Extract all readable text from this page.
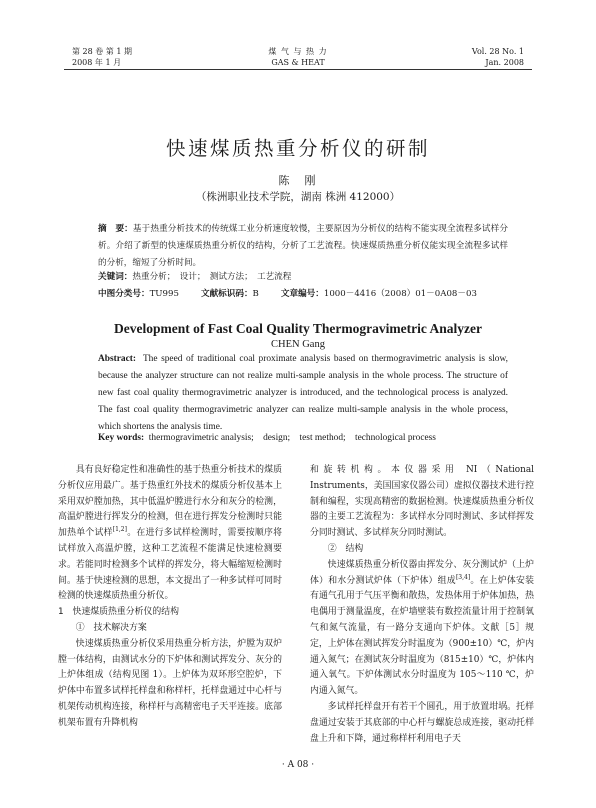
第 28 卷 第 1 期
2008 年 1 月
煤 气 与 热 力
GAS & HEAT
Vol. 28 No. 1
Jan. 2008
快速煤质热重分析仪的研制
陈　刚
（株洲职业技术学院，湖南 株洲 412000）
摘　要：基于热重分析技术的传统煤工业分析速度较慢，主要原因为分析仪的结构不能实现全流程多试样分析。介绍了新型的快速煤质热重分析仪的结构，分析了工艺流程。快速煤质热重分析仪能实现全流程多试样的分析，缩短了分析时间。
关键词：热重分析；　设计；　测试方法；　工艺流程
中图分类号：TU995	文献标识码：B	文章编号：1000－4416（2008）01－0A08－03
Development of Fast Coal Quality Thermogravimetric Analyzer
CHEN Gang
Abstract: The speed of traditional coal proximate analysis based on thermogravimetric analysis is slow, because the analyzer structure can not realize multi-sample analysis in the whole process. The structure of new fast coal quality thermogravimetric analyzer is introduced, and the technological process is analyzed. The fast coal quality thermogravimetric analyzer can realize multi-sample analysis in the whole process, which shortens the analysis time.
Key words: thermogravimetric analysis;　design;　test method;　technological process

具有良好稳定性和准确性的基于热重分析技术的煤质分析仪应用最广。基于热重红外技术的煤质分析仪基本上采用双炉膛加热，其中低温炉膛进行水分和灰分的检测，高温炉膛进行挥发分的检测，但在进行挥发分检测时只能加热单个试样[1,2]。在进行多试样检测时，需要按顺序将试样放入高温炉膛，这种工艺流程不能满足快速检测要求。若能同时检测多个试样的挥发分，将大幅缩短检测时间。基于快速检测的思想，本文提出了一种多试样可同时检测的快速煤质热重分析仪。

1　快速煤质热重分析仪的结构

①　技术解决方案

快速煤质热重分析仪采用热重分析方法，炉膛为双炉膛一体结构，由测试水分的下炉体和测试挥发分、灰分的上炉体组成（结构见图 1）。上炉体为双环形空腔炉，下炉体中布置多试样托样盘和称样杆，托样盘通过中心杆与机架传动机构连接，称样杆与高精密电子天平连接。底部机架布置有升降机构

和旋转机构。本仪器采用 NI（National Instruments，美国国家仪器公司）虚拟仪器技术进行控制和编程，实现高精密的数据检测。快速煤质热重分析仪器的主要工艺流程为：多试样水分同时测试、多试样挥发分同时测试、多试样灰分同时测试。

②　结构

快速煤质热重分析仪器由挥发分、灰分测试炉（上炉体）和水分测试炉体（下炉体）组成[3,4]。在上炉体安装有通气孔用于气压平衡和散热，发热体用于炉体加热，热电偶用于测量温度，在炉墙壁装有数控流量计用于控制氧气和氮气流量，有一路分支通向下炉体。文献［5］规定，上炉体在测试挥发分时温度为（900±10）℃，炉内通入氮气；在测试灰分时温度为（815±10）℃，炉体内通入氧气。下炉体测试水分时温度为 105～110 ℃，炉内通入氮气。

多试样托样盘开有若干个圆孔，用于放置坩埚。托样盘通过安装于其底部的中心杆与螺旋总成连接，驱动托样盘上升和下降，通过称样杆利用电子天

· A 08 ·
